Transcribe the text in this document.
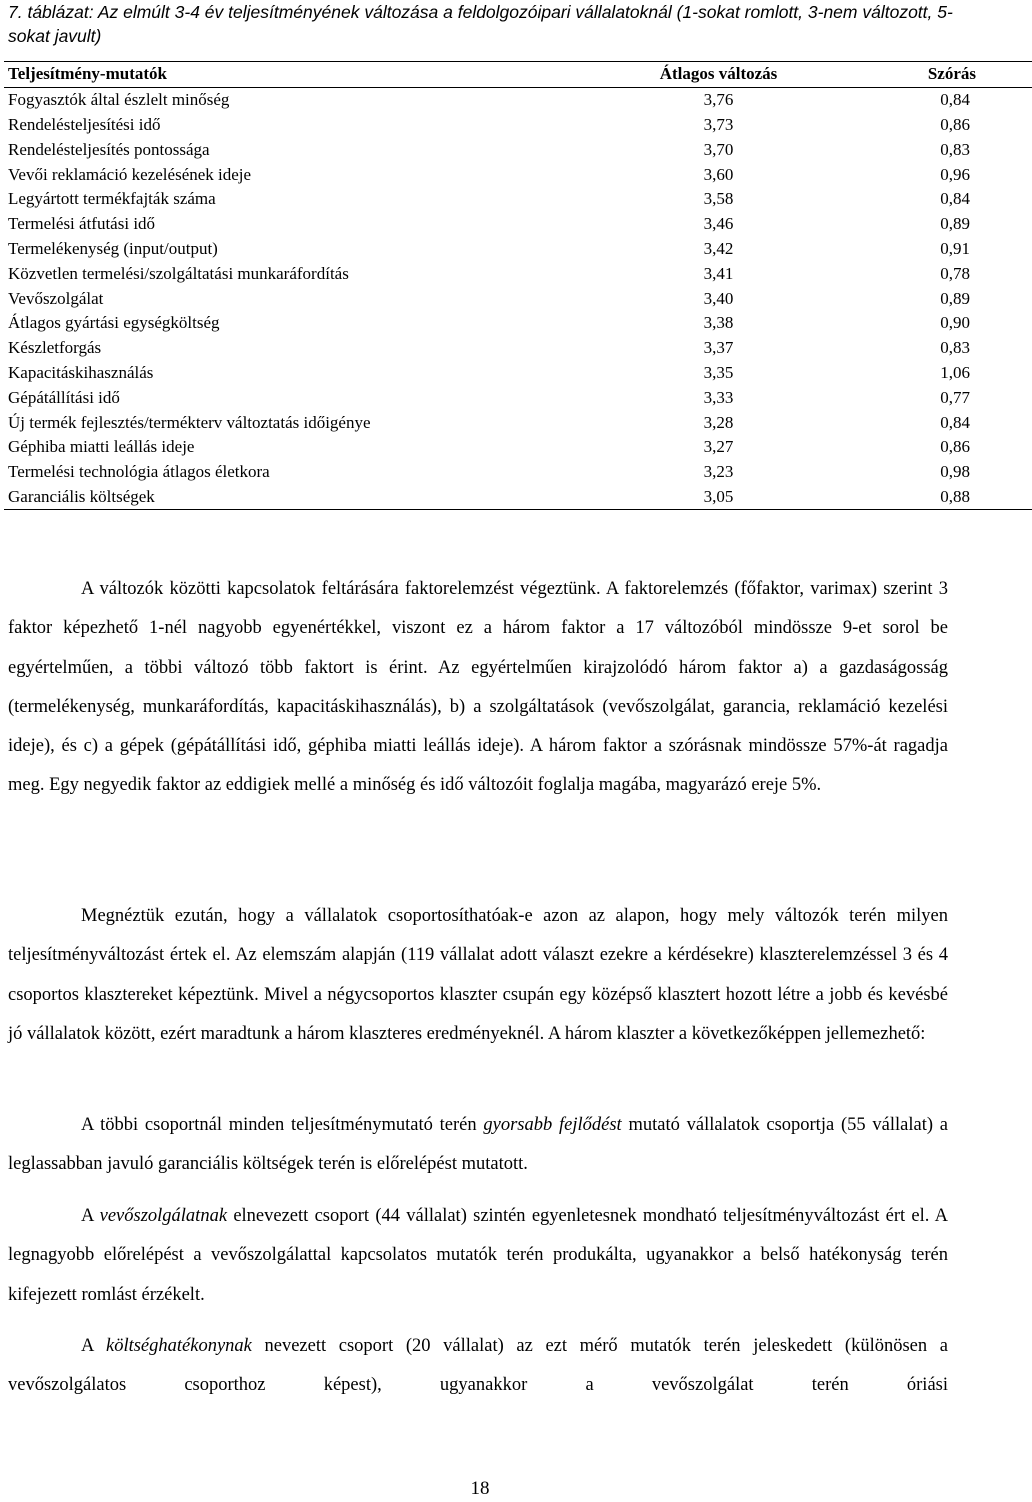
7. táblázat: Az elmúlt 3-4 év teljesítményének változása a feldolgozóipari vállalatoknál (1-sokat romlott, 3-nem változott, 5-sokat javult)
Teljesítmény-mutatók	Átlagos változás	Szórás
Fogyasztók által észlelt minőség	3,76	0,84
Rendelésteljesítési idő	3,73	0,86
Rendelésteljesítés pontossága	3,70	0,83
Vevői reklamáció kezelésének ideje	3,60	0,96
Legyártott termékfajták száma	3,58	0,84
Termelési átfutási idő	3,46	0,89
Termelékenység (input/output)	3,42	0,91
Közvetlen termelési/szolgáltatási munkaráfordítás	3,41	0,78
Vevőszolgálat	3,40	0,89
Átlagos gyártási egységköltség	3,38	0,90
Készletforgás	3,37	0,83
Kapacitáskihasználás	3,35	1,06
Gépátállítási idő	3,33	0,77
Új termék fejlesztés/termékterv változtatás időigénye	3,28	0,84
Géphiba miatti leállás ideje	3,27	0,86
Termelési technológia átlagos életkora	3,23	0,98
Garanciális költségek	3,05	0,88

A változók közötti kapcsolatok feltárására faktorelemzést végeztünk. A faktorelemzés (főfaktor, varimax) szerint 3 faktor képezhető 1-nél nagyobb egyenértékkel, viszont ez a három faktor a 17 változóból mindössze 9-et sorol be egyértelműen, a többi változó több faktort is érint. Az egyértelműen kirajzolódó három faktor a) a gazdaságosság (termelékenység, munkaráfordítás, kapacitáskihasználás), b) a szolgáltatások (vevőszolgálat, garancia, reklamáció kezelési ideje), és c) a gépek (gépátállítási idő, géphiba miatti leállás ideje). A három faktor a szórásnak mindössze 57%-át ragadja meg. Egy negyedik faktor az eddigiek mellé a minőség és idő változóit foglalja magába, magyarázó ereje 5%.

Megnéztük ezután, hogy a vállalatok csoportosíthatóak-e azon az alapon, hogy mely változók terén milyen teljesítményváltozást értek el. Az elemszám alapján (119 vállalat adott választ ezekre a kérdésekre) klaszterelemzéssel 3 és 4 csoportos klasztereket képeztünk. Mivel a négycsoportos klaszter csupán egy középső klasztert hozott létre a jobb és kevésbé jó vállalatok között, ezért maradtunk a három klaszteres eredményeknél. A három klaszter a következőképpen jellemezhető:

A többi csoportnál minden teljesítménymutató terén gyorsabb fejlődést mutató vállalatok csoportja (55 vállalat) a leglassabban javuló garanciális költségek terén is előrelépést mutatott.

A vevőszolgálatnak elnevezett csoport (44 vállalat) szintén egyenletesnek mondható teljesítményváltozást ért el. A legnagyobb előrelépést a vevőszolgálattal kapcsolatos mutatók terén produkálta, ugyanakkor a belső hatékonyság terén kifejezett romlást érzékelt.

A költséghatékonynak nevezett csoport (20 vállalat) az ezt mérő mutatók terén jeleskedett (különösen a vevőszolgálatos csoporthoz képest), ugyanakkor a vevőszolgálat terén óriási

18
